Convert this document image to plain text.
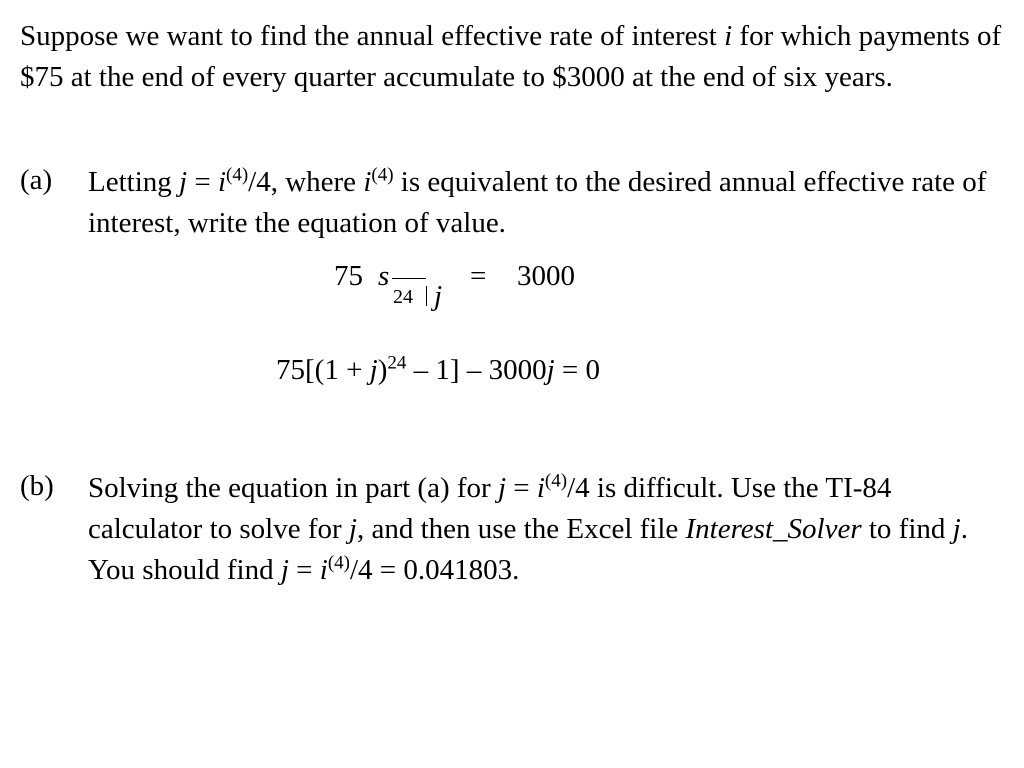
Suppose we want to find the annual effective rate of interest i for which payments of $75 at the end of every quarter accumulate to $3000 at the end of six years.
(a) Letting $j = i^{(4)}/4$, where $i^{(4)}$ is equivalent to the desired annual effective rate of interest, write the equation of value.
75 s
24 j
= 3000
$75[(1 + j)^{24} - 1] - 3000j = 0$
(b) Solving the equation in part (a) for $j = i^{(4)}/4$ is difficult. Use the TI-84 calculator to solve for j, and then use the Excel file Interest_Solver to find j. You should find $j = i^{(4)}/4 = 0.041803$.
